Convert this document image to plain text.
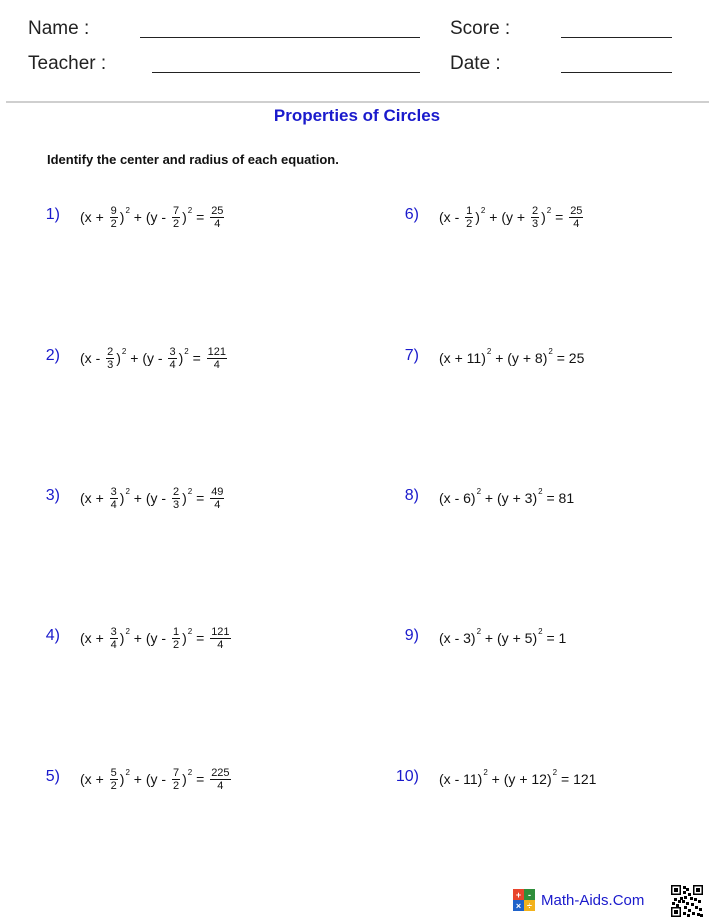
Name :	Score :
Teacher :	Date :
Properties of Circles
Identify the center and radius of each equation.
1) (x +
$\frac{9}{2}$ ) 2 + (y -
$\frac{7}{2}$ ) $2 = \frac{25}{4}$
2) (x -
$\frac{2}{3}$ ) 2 + (y -
$\frac{3}{4}$ ) $2 = \frac{121}{4}$
3) (x +
$\frac{3}{4}$ ) 2 + (y -
$\frac{2}{3}$ ) $2 = \frac{49}{4}$
4) (x +
$\frac{3}{4}$ ) 2 + (y -
$\frac{1}{2}$ ) $2 = \frac{121}{4}$
5) (x +
$\frac{5}{2}$ ) 2 + (y -
$\frac{7}{2}$ ) $2 = \frac{225}{4}$
6) (x -
$\frac{1}{2}$ ) 2 + (y +
$\frac{2}{3}$ ) $2 = \frac{25}{4}$
7) (x +
11 ) 2 + (y +
8 ) 2 = 25
8) (x -
6 ) 2 + (y +
3 ) 2 = 81
9) (x -
3 ) 2 + (y +
5 ) 2 = 1
10) (x -
11 ) 2 + (y +
12 ) 2 = 121
+ -
× ÷ Math-Aids.Com
